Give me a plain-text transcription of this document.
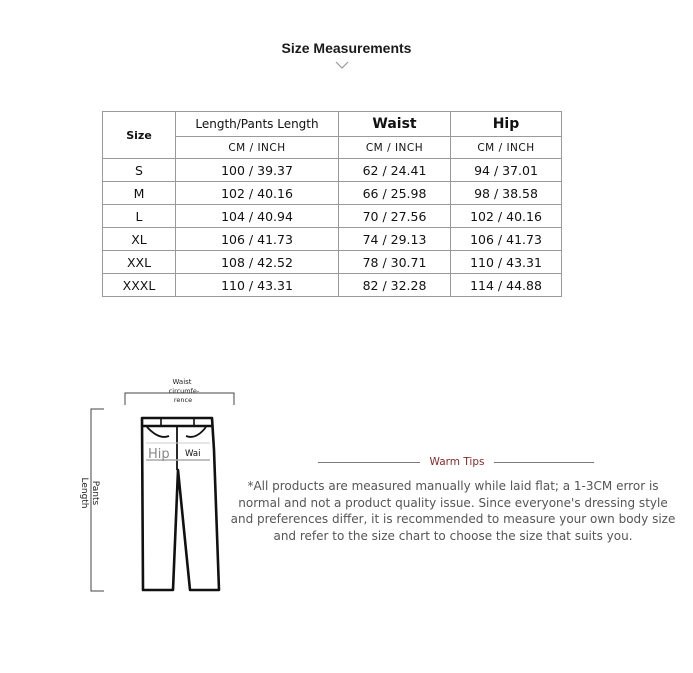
Size Measurements
Size	Length/Pants Length	Waist	Hip
	CM / INCH	CM / INCH	CM / INCH
S	100 / 39.37	62 / 24.41	94 / 37.01
M	102 / 40.16	66 / 25.98	98 / 38.58
L	104 / 40.94	70 / 27.56	102 / 40.16
XL	106 / 41.73	74 / 29.13	106 / 41.73
XXL	108 / 42.52	78 / 30.71	110 / 43.31
XXXL	110 / 43.31	82 / 32.28	114 / 44.88
Waist
circumfe-
rence
Pants
Length
Hip Wai
Warm Tips
*All products are measured manually while laid flat; a 1-3CM error is
normal and not a product quality issue. Since everyone's dressing style
and preferences differ, it is recommended to measure your own body size
and refer to the size chart to choose the size that suits you.
